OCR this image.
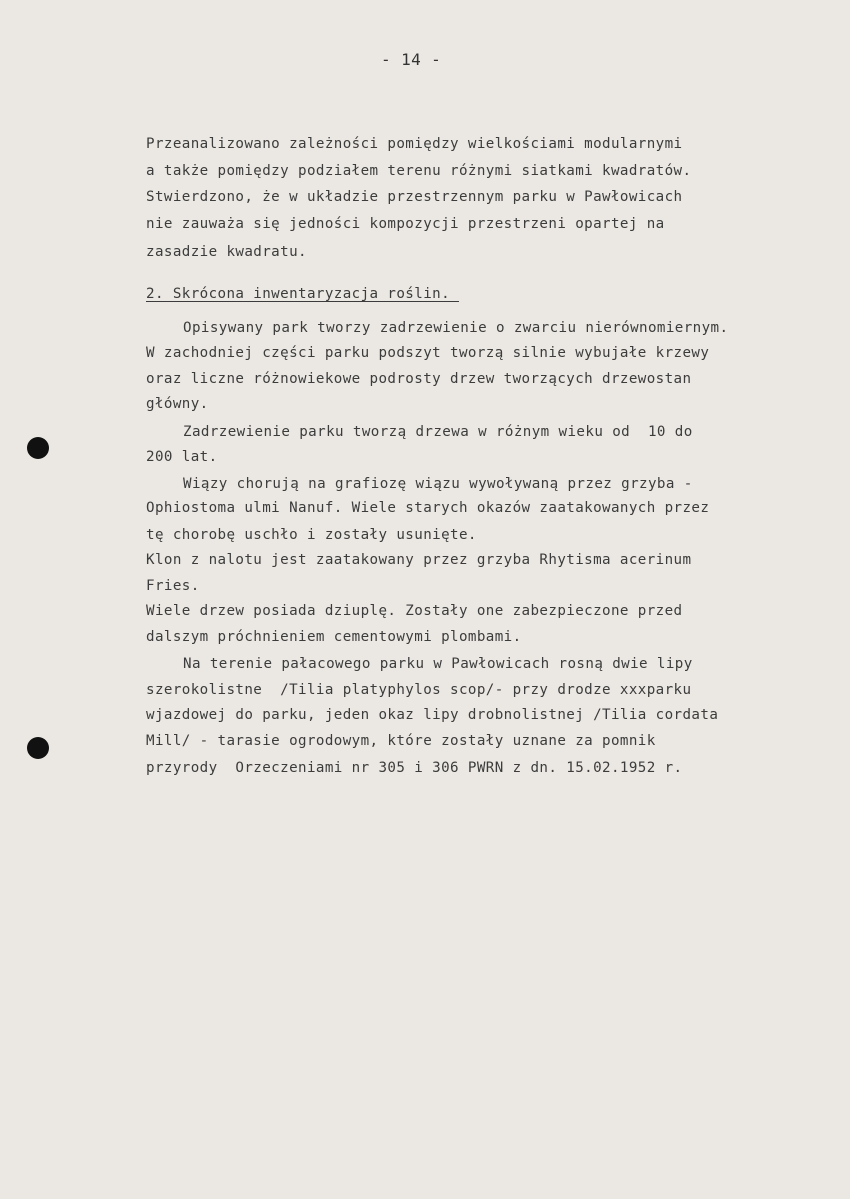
- 14 -
Przeanalizowano zależności pomiędzy wielkościami modularnymi
a także pomiędzy podziałem terenu różnymi siatkami kwadratów.
Stwierdzono, że w układzie przestrzennym parku w Pawłowicach
nie zauważa się jedności kompozycji przestrzeni opartej na
zasadzie kwadratu.
2. Skrócona inwentaryzacja roślin._
Opisywany park tworzy zadrzewienie o zwarciu nierównomiernym.
W zachodniej części parku podszyt tworzą silnie wybujałe krzewy
oraz liczne różnowiekowe podrosty drzew tworzących drzewostan
główny.
Zadrzewienie parku tworzą drzewa w różnym wieku od  10 do
200 lat.
Wiązy chorują na grafiozę wiązu wywoływaną przez grzyba -
Ophiostoma ulmi Nanuf. Wiele starych okazów zaatakowanych przez
tę chorobę uschło i zostały usunięte.
Klon z nalotu jest zaatakowany przez grzyba Rhytisma acerinum
Fries.
Wiele drzew posiada dziuplę. Zostały one zabezpieczone przed
dalszym próchnieniem cementowymi plombami.
Na terenie pałacowego parku w Pawłowicach rosną dwie lipy
szerokolistne  /Tilia platyphylos scop/- przy drodze xxxparku
wjazdowej do parku, jeden okaz lipy drobnolistnej /Tilia cordata
Mill/ - tarasie ogrodowym, które zostały uznane za pomnik
przyrody  Orzeczeniami nr 305 i 306 PWRN z dn. 15.02.1952 r.
